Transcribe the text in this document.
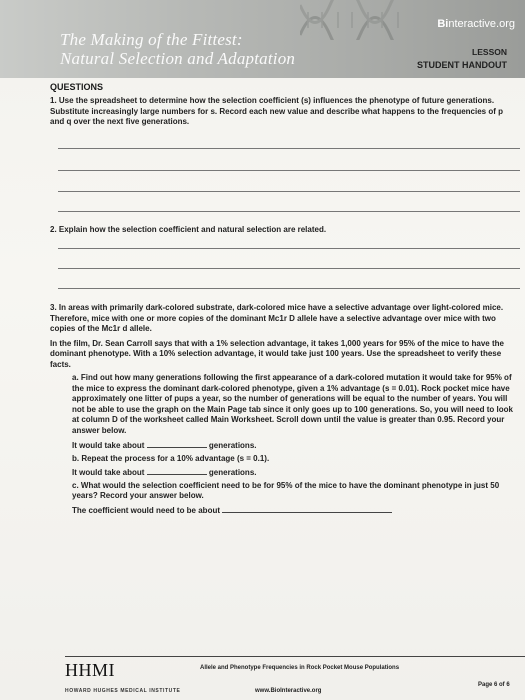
The Making of the Fittest:
Natural Selection and Adaptation
Binteractive.org
LESSON
STUDENT HANDOUT
QUESTIONS
1. Use the spreadsheet to determine how the selection coefficient (s) influences the phenotype of future generations.
Substitute increasingly large numbers for s. Record each new value and describe what happens to the frequencies of p
and q over the next five generations.
2. Explain how the selection coefficient and natural selection are related.
3. In areas with primarily dark-colored substrate, dark-colored mice have a selective advantage over light-colored mice.
Therefore, mice with one or more copies of the dominant Mc1r D allele have a selective advantage over mice with two
copies of the Mc1r d allele.
In the film, Dr. Sean Carroll says that with a 1% selection advantage, it takes 1,000 years for 95% of the mice to have the
dominant phenotype. With a 10% selection advantage, it would take just 100 years. Use the spreadsheet to verify these
facts.
a. Find out how many generations following the first appearance of a dark-colored mutation it would take for 95% of
the mice to express the dominant dark-colored phenotype, given a 1% advantage (s = 0.01). Rock pocket mice have
approximately one litter of pups a year, so the number of generations will be equal to the number of years. You will
not be able to use the graph on the Main Page tab since it only goes up to 100 generations. So, you will need to look
at column D of the worksheet called Main Worksheet. Scroll down until the value is greater than 0.95. Record your
answer below.
It would take about	generations.
b. Repeat the process for a 10% advantage (s = 0.1).
It would take about	generations.
c. What would the selection coefficient need to be for 95% of the mice to have the dominant phenotype in just 50
years? Record your answer below.
The coefficient would need to be about
HHMI
HOWARD HUGHES MEDICAL INSTITUTE
Allele and Phenotype Frequencies in Rock Pocket Mouse Populations
www.BioInteractive.org
Page 6 of 6
